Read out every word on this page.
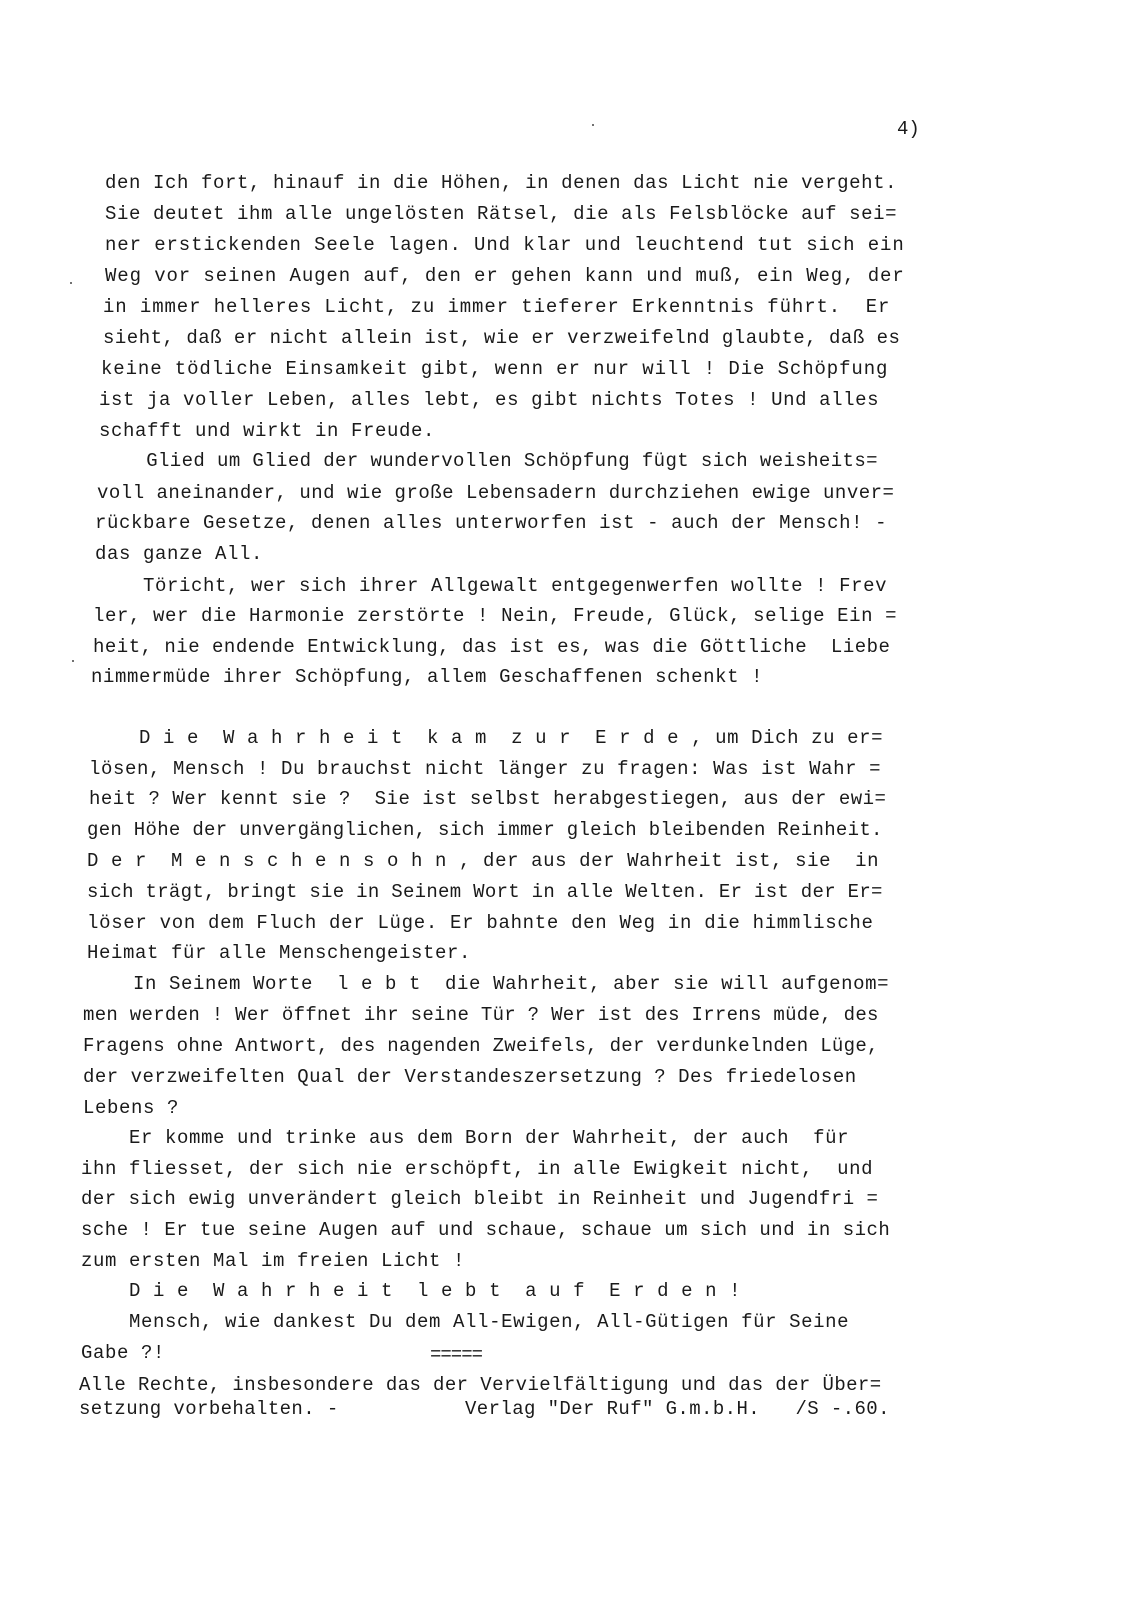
4)
den Ich fort, hinauf in die Höhen, in denen das Licht nie vergeht.
Sie deutet ihm alle ungelösten Rätsel, die als Felsblöcke auf sei=
ner erstickenden Seele lagen. Und klar und leuchtend tut sich ein
Weg vor seinen Augen auf, den er gehen kann und muß, ein Weg, der
in immer helleres Licht, zu immer tieferer Erkenntnis führt.  Er
sieht, daß er nicht allein ist, wie er verzweifelnd glaubte, daß es
keine tödliche Einsamkeit gibt, wenn er nur will ! Die Schöpfung
ist ja voller Leben, alles lebt, es gibt nichts Totes ! Und alles
schafft und wirkt in Freude.
Glied um Glied der wundervollen Schöpfung fügt sich weisheits=
voll aneinander, und wie große Lebensadern durchziehen ewige unver=
rückbare Gesetze, denen alles unterworfen ist - auch der Mensch! -
das ganze All.
Töricht, wer sich ihrer Allgewalt entgegenwerfen wollte ! Frev
ler, wer die Harmonie zerstörte ! Nein, Freude, Glück, selige Ein =
heit, nie endende Entwicklung, das ist es, was die Göttliche  Liebe
nimmermüde ihrer Schöpfung, allem Geschaffenen schenkt !
D i e  W a h r h e i t  k a m  z u r  E r d e , um Dich zu er=
lösen, Mensch ! Du brauchst nicht länger zu fragen: Was ist Wahr =
heit ? Wer kennt sie ?  Sie ist selbst herabgestiegen, aus der ewi=
gen Höhe der unvergänglichen, sich immer gleich bleibenden Reinheit.
D e r  M e n s c h e n s o h n , der aus der Wahrheit ist, sie  in
sich trägt, bringt sie in Seinem Wort in alle Welten. Er ist der Er=
löser von dem Fluch der Lüge. Er bahnte den Weg in die himmlische
Heimat für alle Menschengeister.
In Seinem Worte  l e b t  die Wahrheit, aber sie will aufgenom=
men werden ! Wer öffnet ihr seine Tür ? Wer ist des Irrens müde, des
Fragens ohne Antwort, des nagenden Zweifels, der verdunkelnden Lüge,
der verzweifelten Qual der Verstandeszersetzung ? Des friedelosen
Lebens ?
Er komme und trinke aus dem Born der Wahrheit, der auch  für
ihn fliesset, der sich nie erschöpft, in alle Ewigkeit nicht,  und
der sich ewig unverändert gleich bleibt in Reinheit und Jugendfri =
sche ! Er tue seine Augen auf und schaue, schaue um sich und in sich
zum ersten Mal im freien Licht !
D i e  W a h r h e i t  l e b t  a u f  E r d e n !
Mensch, wie dankest Du dem All-Ewigen, All-Gütigen für Seine
Gabe ?!	=====
Alle Rechte, insbesondere das der Vervielfältigung und das der Über=
setzung vorbehalten. -	Verlag "Der Ruf" G.m.b.H.   /S -.60.
